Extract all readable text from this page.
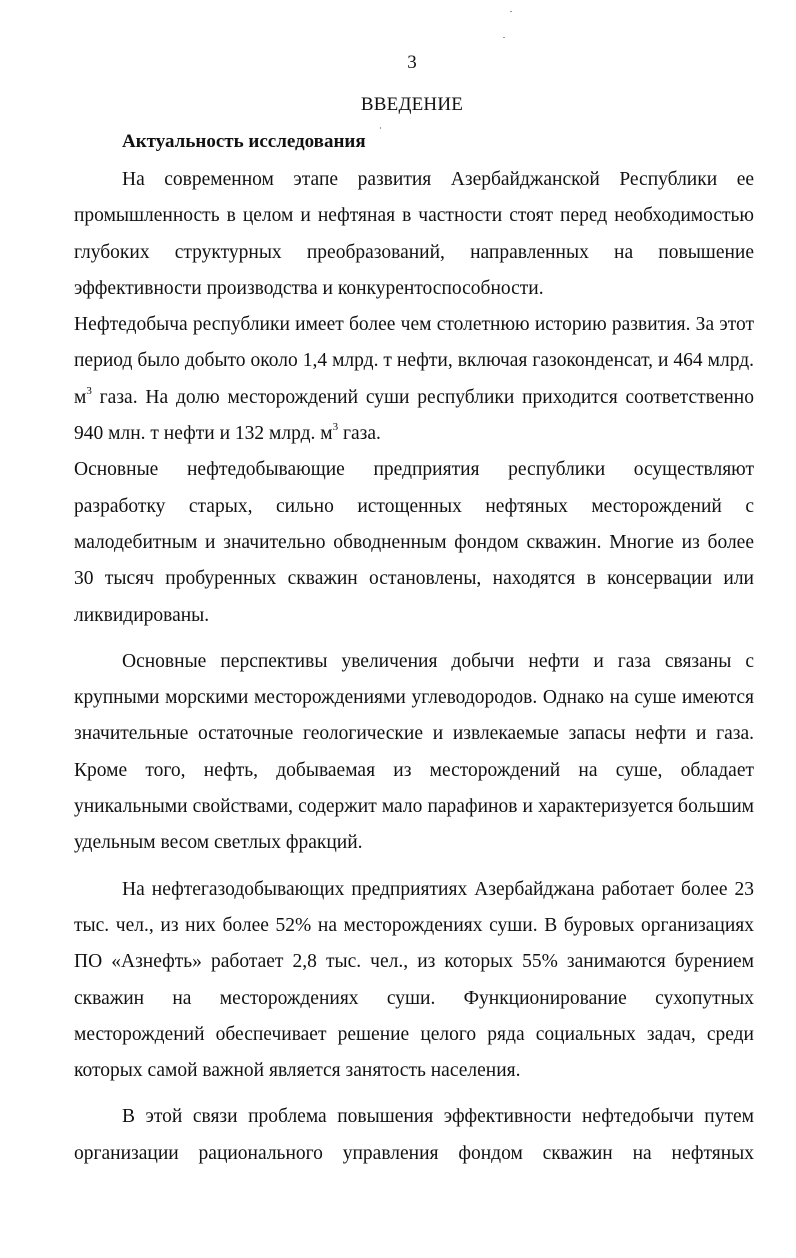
3
ВВЕДЕНИЕ
Актуальность исследования

На современном этапе развития Азербайджанской Республики ее промышленность в целом и нефтяная в частности стоят перед необходимостью глубоких структурных преобразований, направленных на повышение эффективности производства и конкурентоспособности.

Нефтедобыча республики имеет более чем столетнюю историю развития. За этот период было добыто около 1,4 млрд. т нефти, включая газоконденсат, и 464 млрд. $м^3$ газа. На долю месторождений суши республики приходится соответственно 940 млн. т нефти и 132 млрд. $м^3$ газа.

Основные нефтедобывающие предприятия республики осуществляют разработку старых, сильно истощенных нефтяных месторождений с малодебитным и значительно обводненным фондом скважин. Многие из более 30 тысяч пробуренных скважин остановлены, находятся в консервации или ликвидированы.

Основные перспективы увеличения добычи нефти и газа связаны с крупными морскими месторождениями углеводородов. Однако на суше имеются значительные остаточные геологические и извлекаемые запасы нефти и газа. Кроме того, нефть, добываемая из месторождений на суше, обладает уникальными свойствами, содержит мало парафинов и характеризуется большим удельным весом светлых фракций.

На нефтегазодобывающих предприятиях Азербайджана работает более 23 тыс. чел., из них более 52% на месторождениях суши. В буровых организациях ПО «Азнефть» работает 2,8 тыс. чел., из которых 55% занимаются бурением скважин на месторождениях суши. Функционирование сухопутных месторождений обеспечивает решение целого ряда социальных задач, среди которых самой важной является занятость населения.

В этой связи проблема повышения эффективности нефтедобычи путем организации рационального управления фондом скважин на нефтяных
